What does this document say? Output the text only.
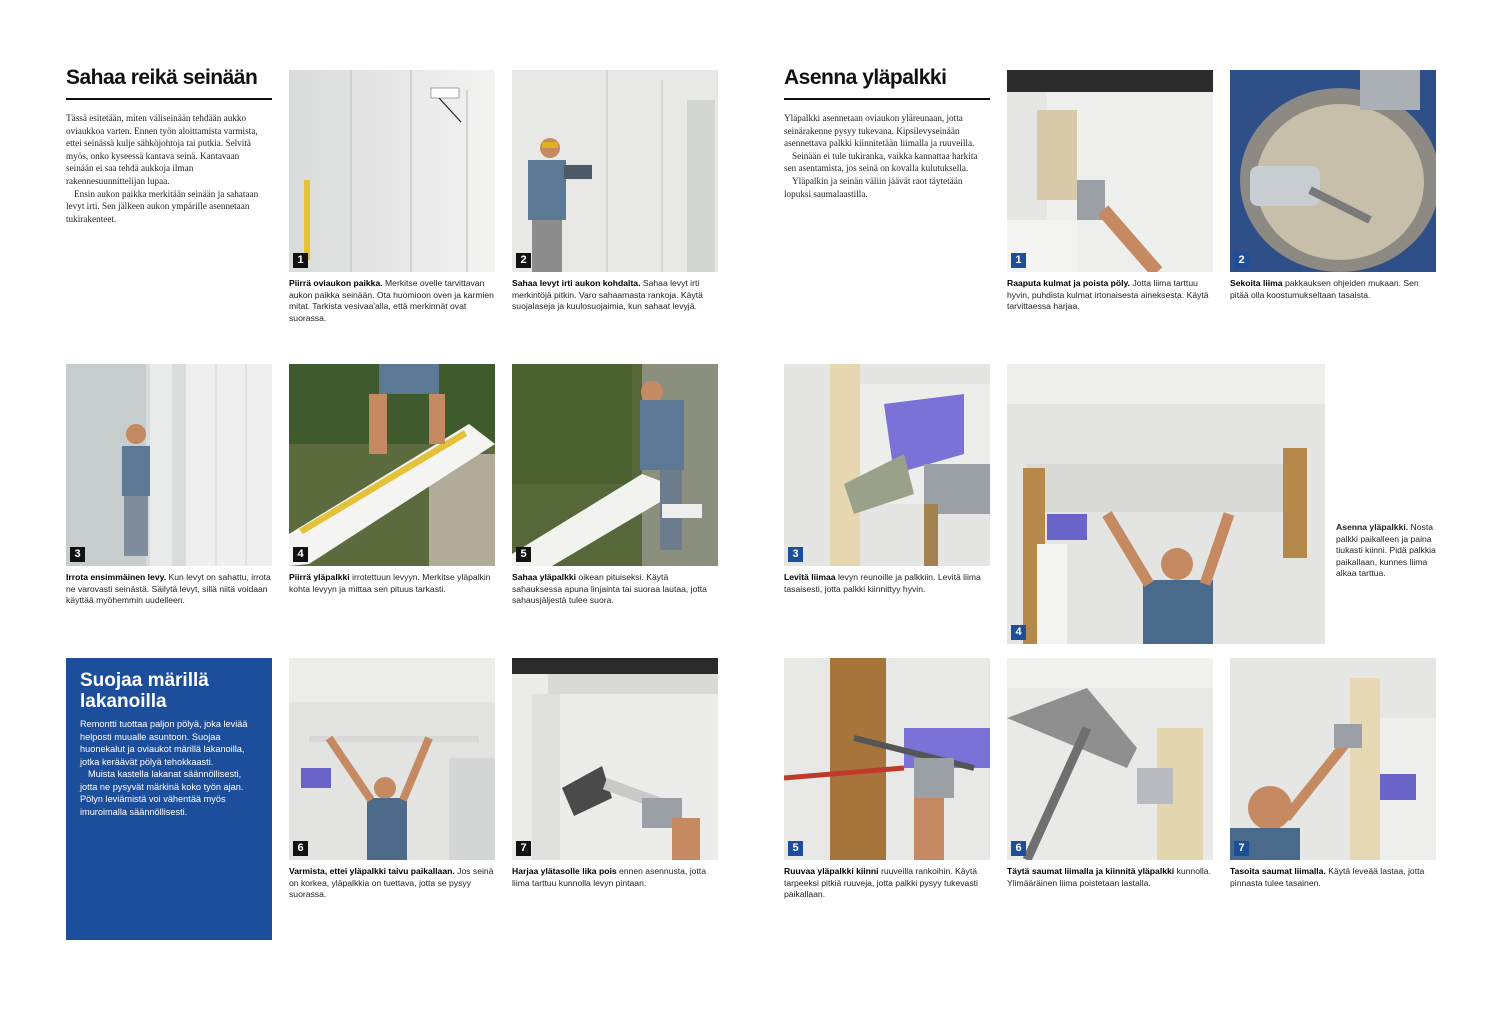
Sahaa reikä seinään

Tässä esitetään, miten väliseinään tehdään aukko oviaukkoa varten. Ennen työn aloittamista varmista, ettei seinässä kulje sähköjohtoja tai putkia. Selvitä myös, onko kyseessä kantava seinä. Kantavaan seinään ei saa tehdä aukkoja ilman rakennesuunnittelijan lupaa.

Ensin aukon paikka merkitään seinään ja sahataan levyt irti. Sen jälkeen aukon ympärille asennetaan tukirakenteet.

1
Piirrä oviaukon paikka. Merkitse ovelle tarvittavan aukon paikka seinään. Ota huomioon oven ja karmien mitat. Tarkista vesivaa'alla, että merkinnät ovat suorassa.
2
Sahaa levyt irti aukon kohdalta. Sahaa levyt irti merkintöjä pitkin. Varo sahaamasta rankoja. Käytä suojalaseja ja kuulosuojaimia, kun sahaat levyjä.
3
Irrota ensimmäinen levy. Kun levyt on sahattu, irrota ne varovasti seinästä. Säilytä levyt, sillä niitä voidaan käyttää myöhemmin uudelleen.
4
Piirrä yläpalkki irrotettuun levyyn. Merkitse yläpalkin kohta levyyn ja mittaa sen pituus tarkasti.
5
Sahaa yläpalkki oikean pituiseksi. Käytä sahauksessa apuna linjainta tai suoraa lautaa, jotta sahausjäljestä tulee suora.

Suojaa märillä lakanoilla

Remontti tuottaa paljon pölyä, joka leviää helposti muualle asuntoon. Suojaa huonekalut ja oviaukot märillä lakanoilla, jotka keräävät pölyä tehokkaasti.

Muista kastella lakanat säännöllisesti, jotta ne pysyvät märkinä koko työn ajan. Pölyn leviämistä voi vähentää myös imuroimalla säännöllisesti.

6
Varmista, ettei yläpalkki taivu paikallaan. Jos seinä on korkea, yläpalkkia on tuettava, jotta se pysyy suorassa.
7
Harjaa ylätasolle lika pois ennen asennusta, jotta liima tarttuu kunnolla levyn pintaan.
Asenna yläpalkki

Yläpalkki asennetaan oviaukon yläreunaan, jotta seinärakenne pysyy tukevana. Kipsilevyseinään asennettava palkki kiinnitetään liimalla ja ruuveilla.

Seinään ei tule tukiranka, vaikka kannattaa harkita sen asentamista, jos seinä on kovalla kulutuksella.

Yläpalkin ja seinän väliin jäävät raot täytetään lopuksi saumalaastilla.

1
Raaputa kulmat ja poista pöly. Jotta liima tarttuu hyvin, puhdista kulmat irtonaisesta aineksesta. Käytä tarvittaessa harjaa.
2
Sekoita liima pakkauksen ohjeiden mukaan. Sen pitää olla koostumukseltaan tasaista.
3
Levitä liimaa levyn reunoille ja palkkiin. Levitä liima tasaisesti, jotta palkki kiinnittyy hyvin.
4
Asenna yläpalkki. Nosta palkki paikalleen ja paina tiukasti kiinni. Pidä palkkia paikallaan, kunnes liima alkaa tarttua.
5
Ruuvaa yläpalkki kiinni ruuveilla rankoihin. Käytä tarpeeksi pitkiä ruuveja, jotta palkki pysyy tukevasti paikallaan.
6
Täytä saumat liimalla ja kiinnitä yläpalkki kunnolla. Ylimääräinen liima poistetaan lastalla.
7
Tasoita saumat liimalla. Käytä leveää lastaa, jotta pinnasta tulee tasainen.
